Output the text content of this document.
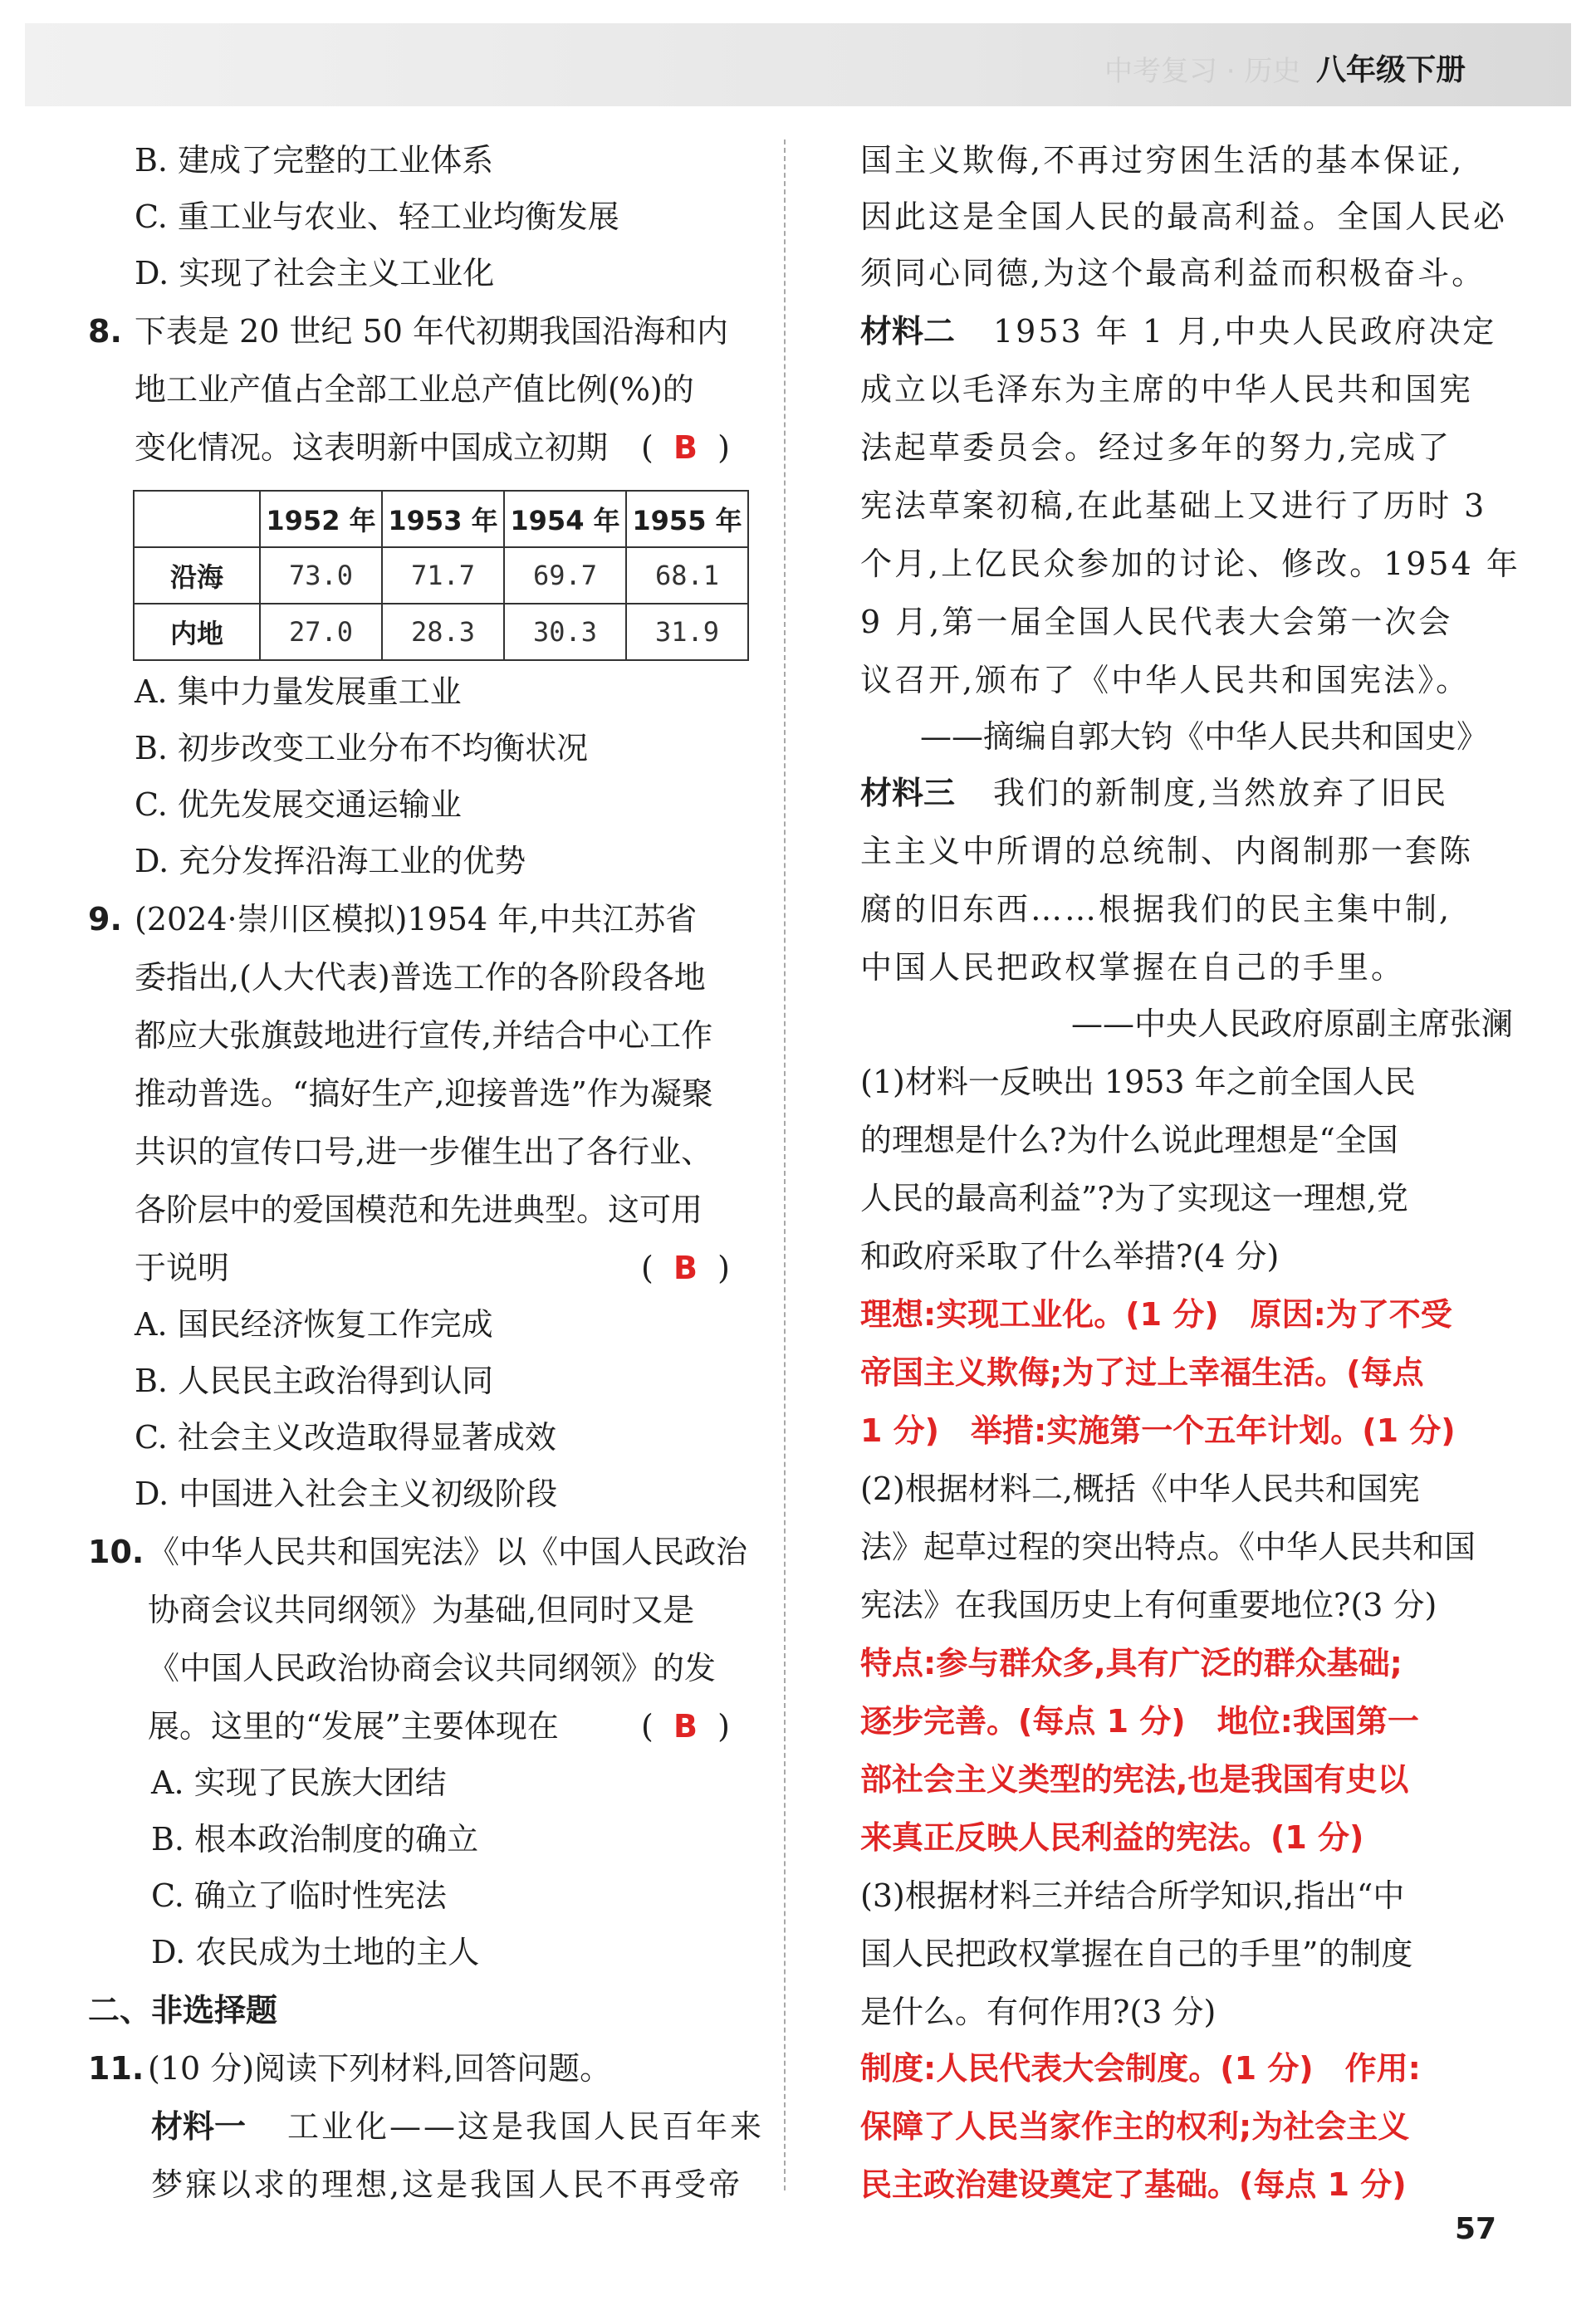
中考复习 · 历史 八年级下册
B. 建成了完整的工业体系
C. 重工业与农业、轻工业均衡发展
D. 实现了社会主义工业化
8. 下表是 20 世纪 50 年代初期我国沿海和内
地工业产值占全部工业总产值比例(%)的
变化情况。这表明新中国成立初期 (  B  )
	1952 年	1953 年	1954 年	1955 年
沿海	73.0	71.7	69.7	68.1
内地	27.0	28.3	30.3	31.9
A. 集中力量发展重工业
B. 初步改变工业分布不均衡状况
C. 优先发展交通运输业
D. 充分发挥沿海工业的优势
9. (2024·崇川区模拟)1954 年,中共江苏省
委指出,(人大代表)普选工作的各阶段各地
都应大张旗鼓地进行宣传,并结合中心工作
推动普选。“搞好生产,迎接普选”作为凝聚
共识的宣传口号,进一步催生出了各行业、
各阶层中的爱国模范和先进典型。这可用
于说明	(  B  )
A. 国民经济恢复工作完成
B. 人民民主政治得到认同
C. 社会主义改造取得显著成效
D. 中国进入社会主义初级阶段
10. 《中华人民共和国宪法》以《中国人民政治
协商会议共同纲领》为基础,但同时又是
《中国人民政治协商会议共同纲领》的发
展。这里的“发展”主要体现在	(  B  )
A. 实现了民族大团结
B. 根本政治制度的确立
C. 确立了临时性宪法
D. 农民成为土地的主人
二、非选择题
11. (10 分)阅读下列材料,回答问题。
材料一 工业化——这是我国人民百年来
梦寐以求的理想,这是我国人民不再受帝
国主义欺侮,不再过穷困生活的基本保证,
因此这是全国人民的最高利益。全国人民必
须同心同德,为这个最高利益而积极奋斗。
材料二 1953 年 1 月,中央人民政府决定
成立以毛泽东为主席的中华人民共和国宪
法起草委员会。经过多年的努力,完成了
宪法草案初稿,在此基础上又进行了历时 3
个月,上亿民众参加的讨论、修改。1954 年
9 月,第一届全国人民代表大会第一次会
议召开,颁布了《中华人民共和国宪法》。
——摘编自郭大钧《中华人民共和国史》
材料三 我们的新制度,当然放弃了旧民
主主义中所谓的总统制、内阁制那一套陈
腐的旧东西……根据我们的民主集中制,
中国人民把政权掌握在自己的手里。
——中央人民政府原副主席张澜
(1)材料一反映出 1953 年之前全国人民
的理想是什么?为什么说此理想是“全国
人民的最高利益”?为了实现这一理想,党
和政府采取了什么举措?(4 分)
理想:实现工业化。(1 分)　原因:为了不受
帝国主义欺侮;为了过上幸福生活。(每点
1 分)　举措:实施第一个五年计划。(1 分)
(2)根据材料二,概括《中华人民共和国宪
法》起草过程的突出特点。《中华人民共和国
宪法》在我国历史上有何重要地位?(3 分)
特点:参与群众多,具有广泛的群众基础;
逐步完善。(每点 1 分)　地位:我国第一
部社会主义类型的宪法,也是我国有史以
来真正反映人民利益的宪法。(1 分)
(3)根据材料三并结合所学知识,指出“中
国人民把政权掌握在自己的手里”的制度
是什么。有何作用?(3 分)
制度:人民代表大会制度。(1 分)　作用:
保障了人民当家作主的权利;为社会主义
民主政治建设奠定了基础。(每点 1 分)
57
